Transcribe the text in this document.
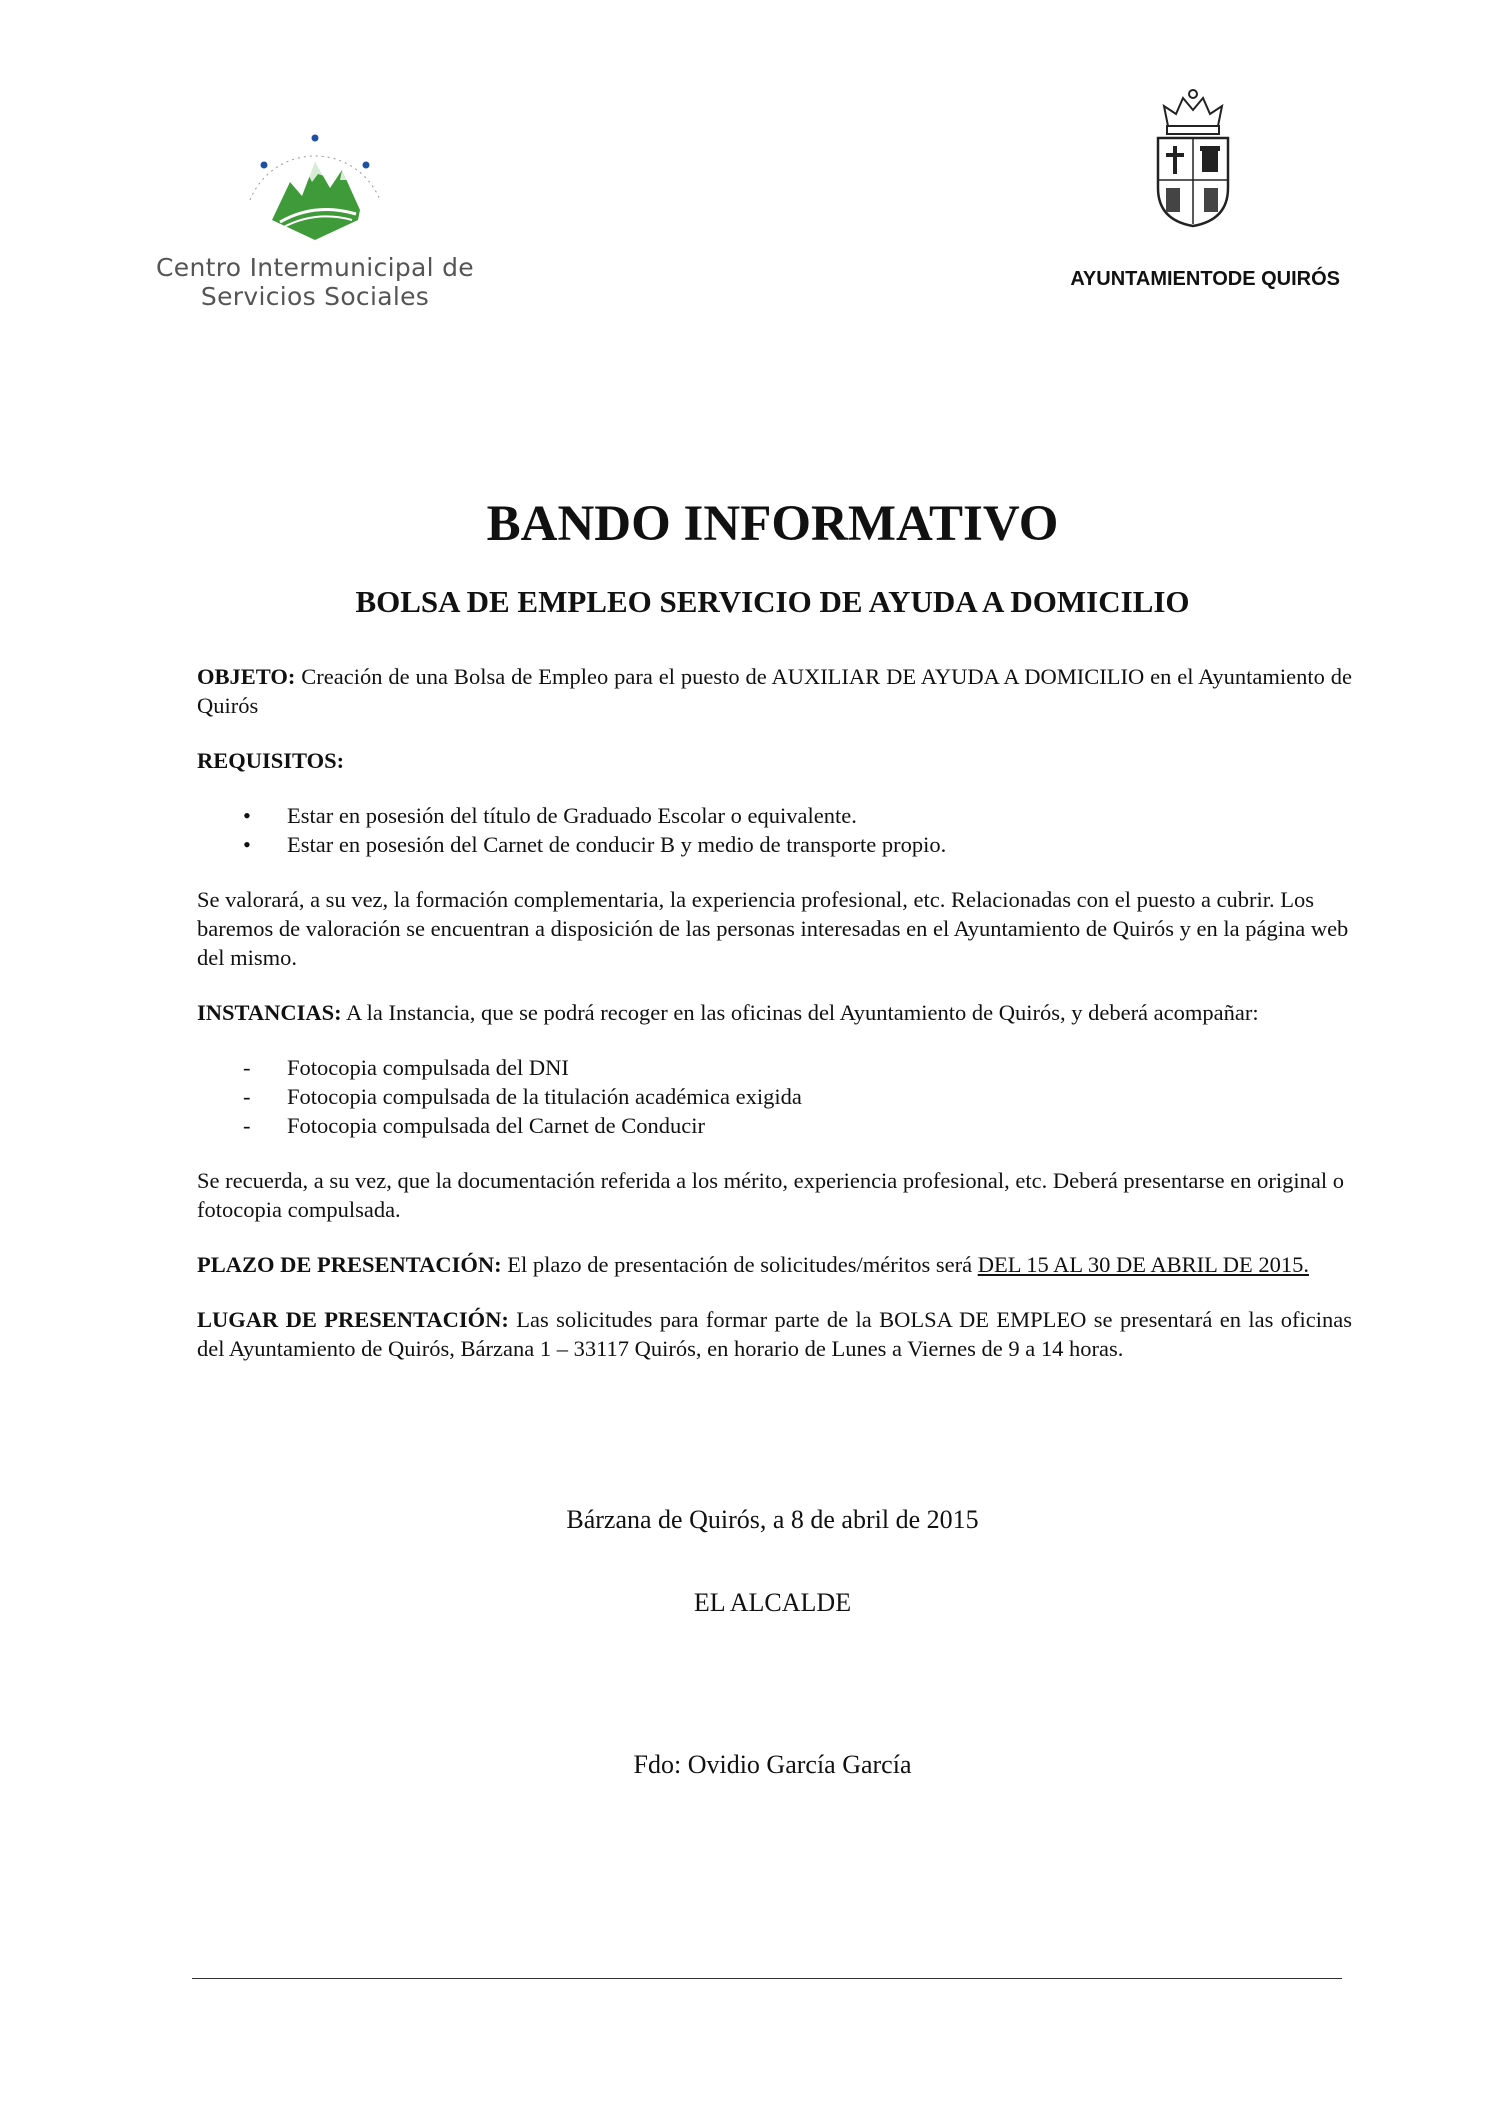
Centro Intermunicipal de
Servicios Sociales
AYUNTAMIENTODE QUIRÓS
BANDO INFORMATIVO
BOLSA DE EMPLEO SERVICIO DE AYUDA A DOMICILIO

OBJETO: Creación de una Bolsa de Empleo para el puesto de AUXILIAR DE AYUDA A DOMICILIO en el Ayuntamiento de Quirós

REQUISITOS:
• Estar en posesión del título de Graduado Escolar o equivalente.
• Estar en posesión del Carnet de conducir B y medio de transporte propio.

Se valorará, a su vez, la formación complementaria, la experiencia profesional, etc. Relacionadas con el puesto a cubrir. Los baremos de valoración se encuentran a disposición de las personas interesadas en el Ayuntamiento de Quirós y en la página web del mismo.

INSTANCIAS: A la Instancia, que se podrá recoger en las oficinas del Ayuntamiento de Quirós, y deberá acompañar:

- Fotocopia compulsada del DNI
- Fotocopia compulsada de la titulación académica exigida
- Fotocopia compulsada del Carnet de Conducir

Se recuerda, a su vez, que la documentación referida a los mérito, experiencia profesional, etc. Deberá presentarse en original o fotocopia compulsada.

PLAZO DE PRESENTACIÓN: El plazo de presentación de solicitudes/méritos será DEL 15 AL 30 DE ABRIL DE 2015.

LUGAR DE PRESENTACIÓN: Las solicitudes para formar parte de la BOLSA DE EMPLEO se presentará en las oficinas del Ayuntamiento de Quirós, Bárzana 1 – 33117 Quirós, en horario de Lunes a Viernes de 9 a 14 horas.

Bárzana de Quirós, a 8 de abril de 2015
EL ALCALDE
Fdo: Ovidio García García
